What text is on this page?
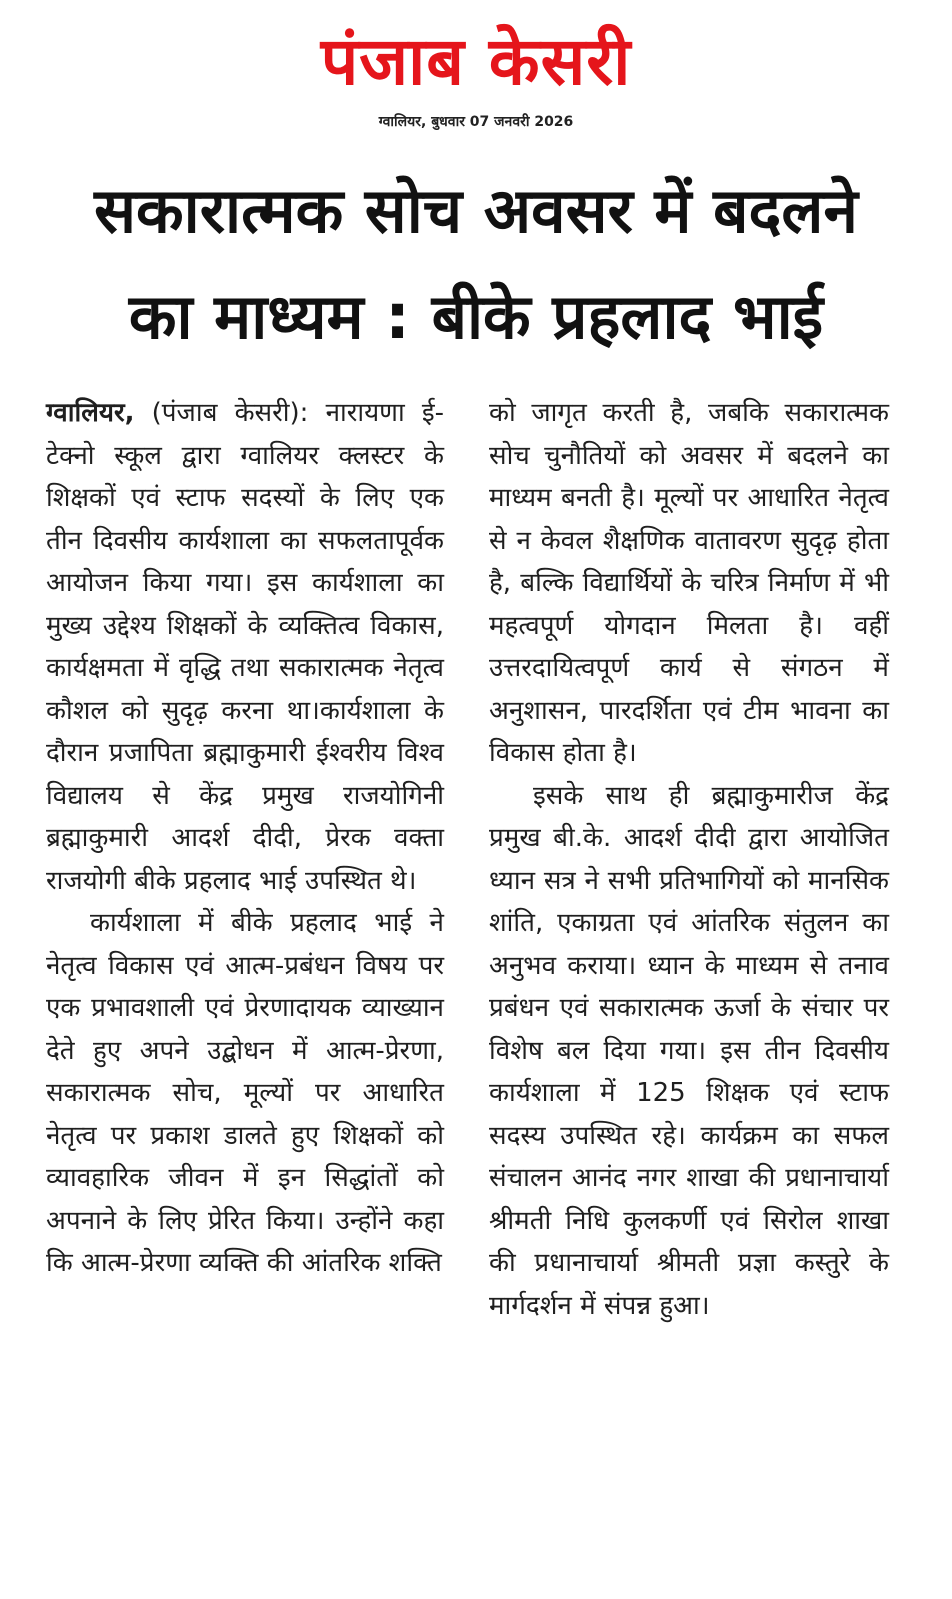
पंजाब केसरी
ग्वालियर, बुधवार 07 जनवरी 2026
सकारात्मक सोच अवसर में बदलने
का माध्यम : बीके प्रहलाद भाई

ग्वालियर, (पंजाब केसरी): नारायणा ई-टेक्नो स्कूल द्वारा ग्वालियर क्लस्टर के शिक्षकों एवं स्टाफ सदस्यों के लिए एक तीन दिवसीय कार्यशाला का सफलतापूर्वक आयोजन किया गया। इस कार्यशाला का मुख्य उद्देश्य शिक्षकों के व्यक्तित्व विकास, कार्यक्षमता में वृद्धि तथा सकारात्मक नेतृत्व कौशल को सुदृढ़ करना था।कार्यशाला के दौरान प्रजापिता ब्रह्माकुमारी ईश्वरीय विश्व विद्यालय से केंद्र प्रमुख राजयोगिनी ब्रह्माकुमारी आदर्श दीदी, प्रेरक वक्ता राजयोगी बीके प्रहलाद भाई उपस्थित थे।

कार्यशाला में बीके प्रहलाद भाई ने नेतृत्व विकास एवं आत्म-प्रबंधन विषय पर एक प्रभावशाली एवं प्रेरणादायक व्याख्यान देते हुए अपने उद्बोधन में आत्म-प्रेरणा, सकारात्मक सोच, मूल्यों पर आधारित नेतृत्व पर प्रकाश डालते हुए शिक्षकों को व्यावहारिक जीवन में इन सिद्धांतों को अपनाने के लिए प्रेरित किया। उन्होंने कहा कि आत्म-प्रेरणा व्यक्ति की आंतरिक शक्ति

को जागृत करती है, जबकि सकारात्मक सोच चुनौतियों को अवसर में बदलने का माध्यम बनती है। मूल्यों पर आधारित नेतृत्व से न केवल शैक्षणिक वातावरण सुदृढ़ होता है, बल्कि विद्यार्थियों के चरित्र निर्माण में भी महत्वपूर्ण योगदान मिलता है। वहीं उत्तरदायित्वपूर्ण कार्य से संगठन में अनुशासन, पारदर्शिता एवं टीम भावना का विकास होता है।

इसके साथ ही ब्रह्माकुमारीज केंद्र प्रमुख बी.के. आदर्श दीदी द्वारा आयोजित ध्यान सत्र ने सभी प्रतिभागियों को मानसिक शांति, एकाग्रता एवं आंतरिक संतुलन का अनुभव कराया। ध्यान के माध्यम से तनाव प्रबंधन एवं सकारात्मक ऊर्जा के संचार पर विशेष बल दिया गया। इस तीन दिवसीय कार्यशाला में 125 शिक्षक एवं स्टाफ सदस्य उपस्थित रहे। कार्यक्रम का सफल संचालन आनंद नगर शाखा की प्रधानाचार्या श्रीमती निधि कुलकर्णी एवं सिरोल शाखा की प्रधानाचार्या श्रीमती प्रज्ञा कस्तुरे के मार्गदर्शन में संपन्न हुआ।
